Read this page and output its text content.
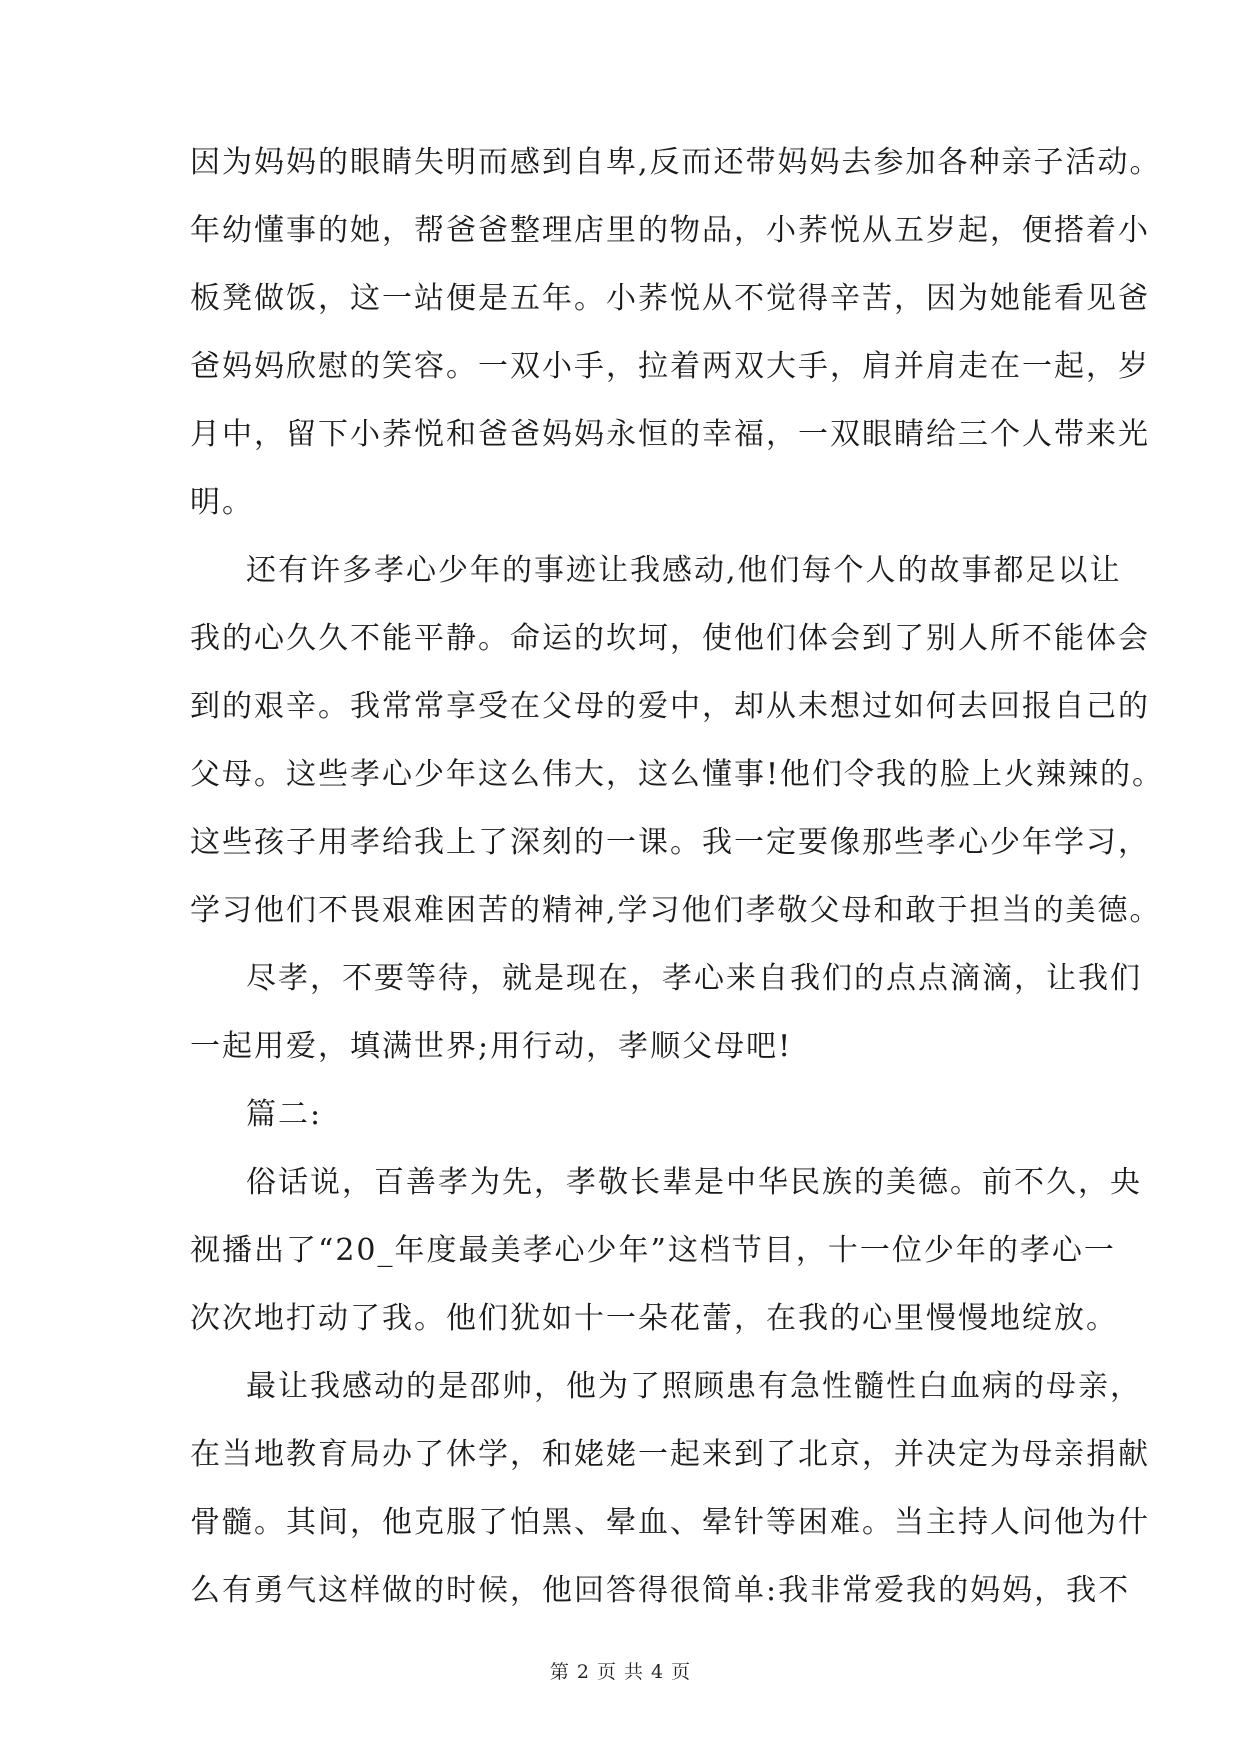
因为妈妈的眼睛失明而感到自卑,反而还带妈妈去参加各种亲子活动。
年幼懂事的她，帮爸爸整理店里的物品，小荞悦从五岁起，便搭着小
板凳做饭，这一站便是五年。小荞悦从不觉得辛苦，因为她能看见爸
爸妈妈欣慰的笑容。一双小手，拉着两双大手，肩并肩走在一起，岁
月中，留下小荞悦和爸爸妈妈永恒的幸福，一双眼睛给三个人带来光
明。
还有许多孝心少年的事迹让我感动,他们每个人的故事都足以让
我的心久久不能平静。命运的坎坷，使他们体会到了别人所不能体会
到的艰辛。我常常享受在父母的爱中，却从未想过如何去回报自己的
父母。这些孝心少年这么伟大，这么懂事!他们令我的脸上火辣辣的。
这些孩子用孝给我上了深刻的一课。我一定要像那些孝心少年学习，
学习他们不畏艰难困苦的精神,学习他们孝敬父母和敢于担当的美德。
尽孝，不要等待，就是现在，孝心来自我们的点点滴滴，让我们
一起用爱，填满世界;用行动，孝顺父母吧!
篇二:
俗话说，百善孝为先，孝敬长辈是中华民族的美德。前不久，央
视播出了“20_年度最美孝心少年”这档节目，十一位少年的孝心一
次次地打动了我。他们犹如十一朵花蕾，在我的心里慢慢地绽放。
最让我感动的是邵帅，他为了照顾患有急性髓性白血病的母亲，
在当地教育局办了休学，和姥姥一起来到了北京，并决定为母亲捐献
骨髓。其间，他克服了怕黑、晕血、晕针等困难。当主持人问他为什
么有勇气这样做的时候，他回答得很简单:我非常爱我的妈妈，我不
第 2 页 共 4 页
